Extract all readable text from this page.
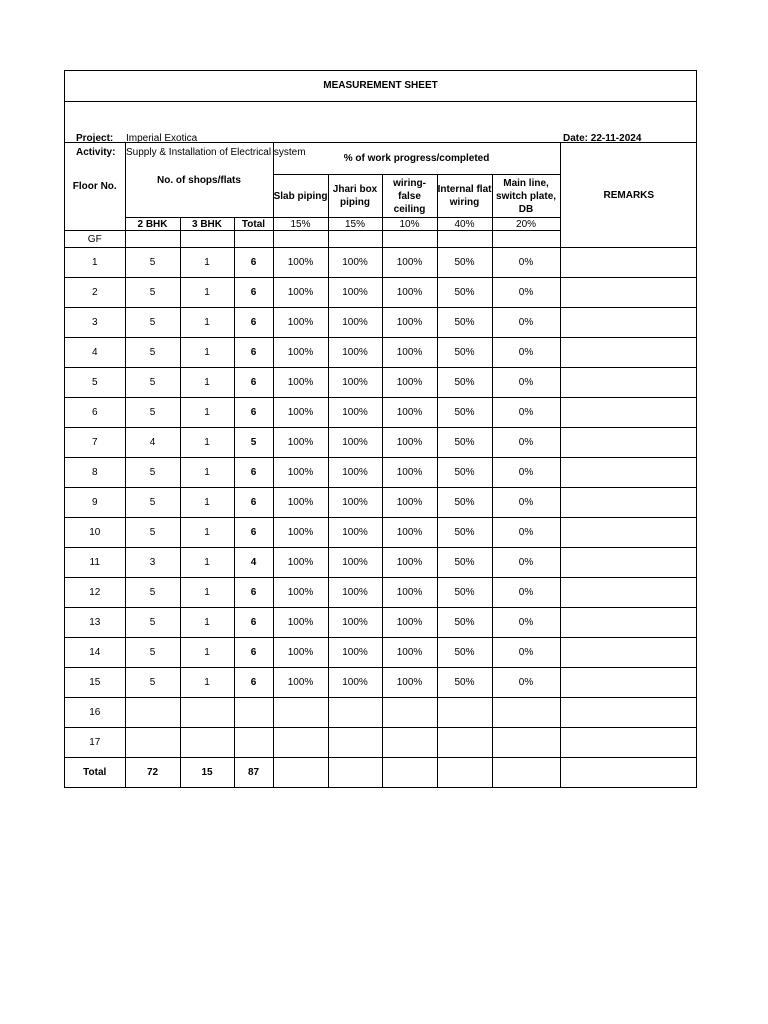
MEASUREMENT SHEET
Project: Imperial Exotica
Activity: Supply & Installation of Electrical system
Date: 22-11-2024
Floor No.	No. of shops/flats			% of work progress/completed					REMARKS
				Slab piping	Jhari box piping	wiring- false ceiling	Internal flat wiring	Main line, switch plate, DB	
	2 BHK	3 BHK	Total	15%	15%	10%	40%	20%	
GF									
1	5	1	6	100%	100%	100%	50%	0%	
2	5	1	6	100%	100%	100%	50%	0%	
3	5	1	6	100%	100%	100%	50%	0%	
4	5	1	6	100%	100%	100%	50%	0%	
5	5	1	6	100%	100%	100%	50%	0%	
6	5	1	6	100%	100%	100%	50%	0%	
7	4	1	5	100%	100%	100%	50%	0%	
8	5	1	6	100%	100%	100%	50%	0%	
9	5	1	6	100%	100%	100%	50%	0%	
10	5	1	6	100%	100%	100%	50%	0%	
11	3	1	4	100%	100%	100%	50%	0%	
12	5	1	6	100%	100%	100%	50%	0%	
13	5	1	6	100%	100%	100%	50%	0%	
14	5	1	6	100%	100%	100%	50%	0%	
15	5	1	6	100%	100%	100%	50%	0%	
16									
17									
Total	72	15	87						
